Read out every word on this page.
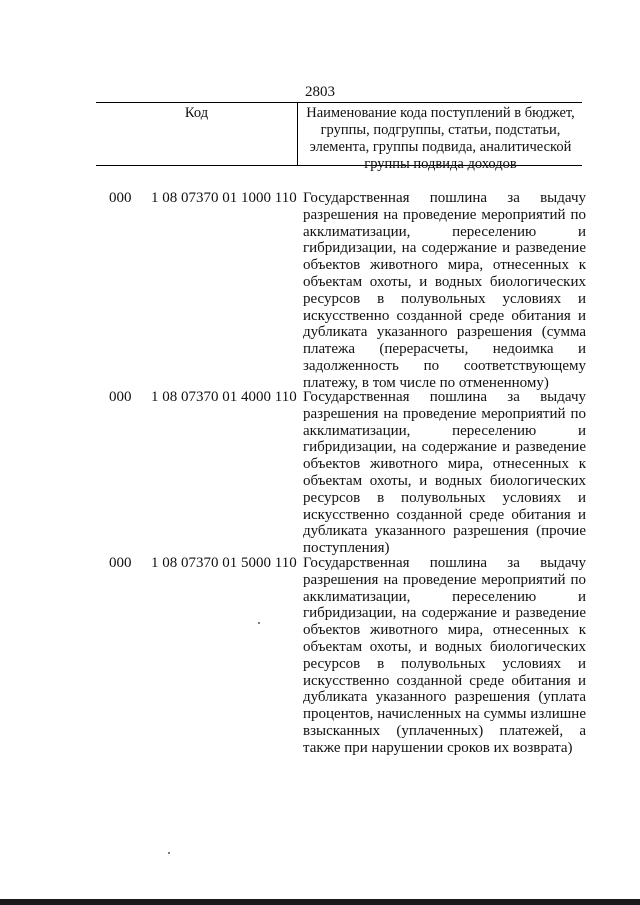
2803
Код	Наименование кода поступлений в бюджет, группы, подгруппы, статьи, подстатьи, элемента, группы подвида, аналитической группы подвида доходов
000 1 08 07370 01 1000 110 Государственная пошлина за выдачу разрешения на проведение мероприятий по акклиматизации, переселению и гибридизации, на содержание и разведение объектов животного мира, отнесенных к объектам охоты, и водных биологических ресурсов в полувольных условиях и искусственно созданной среде обитания и дубликата указанного разрешения (сумма платежа (перерасчеты, недоимка и задолженность по соответствующему платежу, в том числе по отмененному)
000 1 08 07370 01 4000 110 Государственная пошлина за выдачу разрешения на проведение мероприятий по акклиматизации, переселению и гибридизации, на содержание и разведение объектов животного мира, отнесенных к объектам охоты, и водных биологических ресурсов в полувольных условиях и искусственно созданной среде обитания и дубликата указанного разрешения (прочие поступления)
000 1 08 07370 01 5000 110 Государственная пошлина за выдачу разрешения на проведение мероприятий по акклиматизации, переселению и гибридизации, на содержание и разведение объектов животного мира, отнесенных к объектам охоты, и водных биологических ресурсов в полувольных условиях и искусственно созданной среде обитания и дубликата указанного разрешения (уплата процентов, начисленных на суммы излишне взысканных (уплаченных) платежей, а также при нарушении сроков их возврата)
